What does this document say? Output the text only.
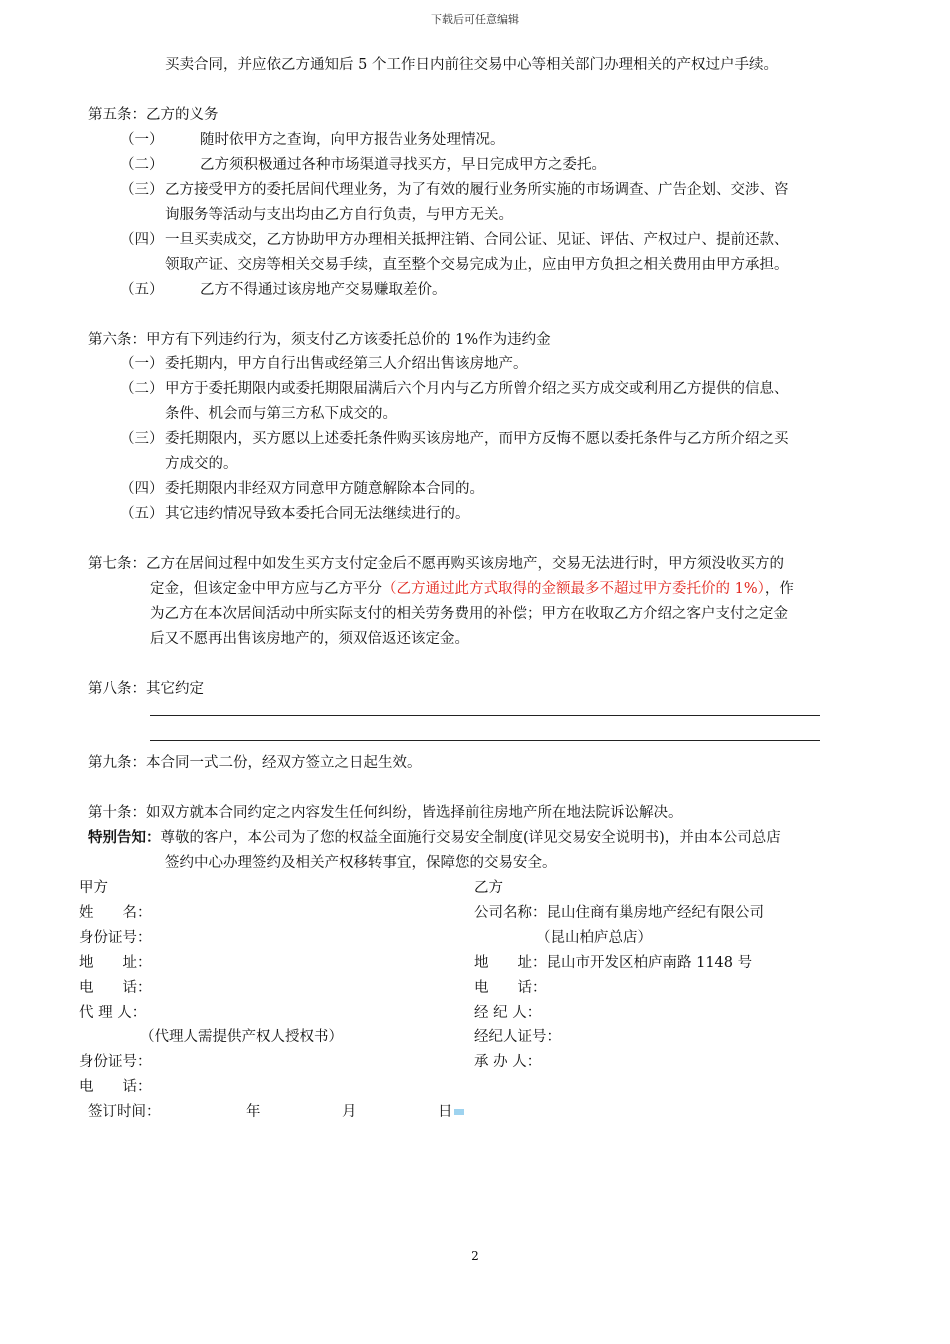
下载后可任意编辑
买卖合同，并应依乙方通知后 5 个工作日内前往交易中心等相关部门办理相关的产权过户手续。
第五条：乙方的义务
（一）	随时依甲方之查询，向甲方报告业务处理情况。
（二）	乙方须积极通过各种市场渠道寻找买方，早日完成甲方之委托。
（三） 乙方接受甲方的委托居间代理业务，为了有效的履行业务所实施的市场调查、广告企划、交涉、咨
询服务等活动与支出均由乙方自行负责，与甲方无关。
（四） 一旦买卖成交，乙方协助甲方办理相关抵押注销、合同公证、见证、评估、产权过户、提前还款、
领取产证、交房等相关交易手续，直至整个交易完成为止，应由甲方负担之相关费用由甲方承担。
（五）	乙方不得通过该房地产交易赚取差价。
第六条：甲方有下列违约行为，须支付乙方该委托总价的 1%作为违约金
（一） 委托期内，甲方自行出售或经第三人介绍出售该房地产。
（二） 甲方于委托期限内或委托期限届满后六个月内与乙方所曾介绍之买方成交或利用乙方提供的信息、
条件、机会而与第三方私下成交的。
（三） 委托期限内，买方愿以上述委托条件购买该房地产，而甲方反悔不愿以委托条件与乙方所介绍之买
方成交的。
（四） 委托期限内非经双方同意甲方随意解除本合同的。
（五） 其它违约情况导致本委托合同无法继续进行的。
第七条：乙方在居间过程中如发生买方支付定金后不愿再购买该房地产，交易无法进行时，甲方须没收买方的
定金，但该定金中甲方应与乙方平分（乙方通过此方式取得的金额最多不超过甲方委托价的 1%），作
为乙方在本次居间活动中所实际支付的相关劳务费用的补偿；甲方在收取乙方介绍之客户支付之定金
后又不愿再出售该房地产的，须双倍返还该定金。
第八条：其它约定
第九条：本合同一式二份，经双方签立之日起生效。
第十条：如双方就本合同约定之内容发生任何纠纷，皆选择前往房地产所在地法院诉讼解决。
特别告知：尊敬的客户，本公司为了您的权益全面施行交易安全制度(详见交易安全说明书)，并由本公司总店
签约中心办理签约及相关产权移转事宜，保障您的交易安全。
甲方
姓　　名：
身份证号：
地　　址：
电　　话：
代 理 人：
（代理人需提供产权人授权书）
身份证号：
电　　话：
乙方
公司名称：昆山住商有巢房地产经纪有限公司
（昆山柏庐总店）
地　　址：昆山市开发区柏庐南路 1148 号
电　　话：
经 纪 人：
经纪人证号：
承 办 人：
签订时间：	年	月	日
2
